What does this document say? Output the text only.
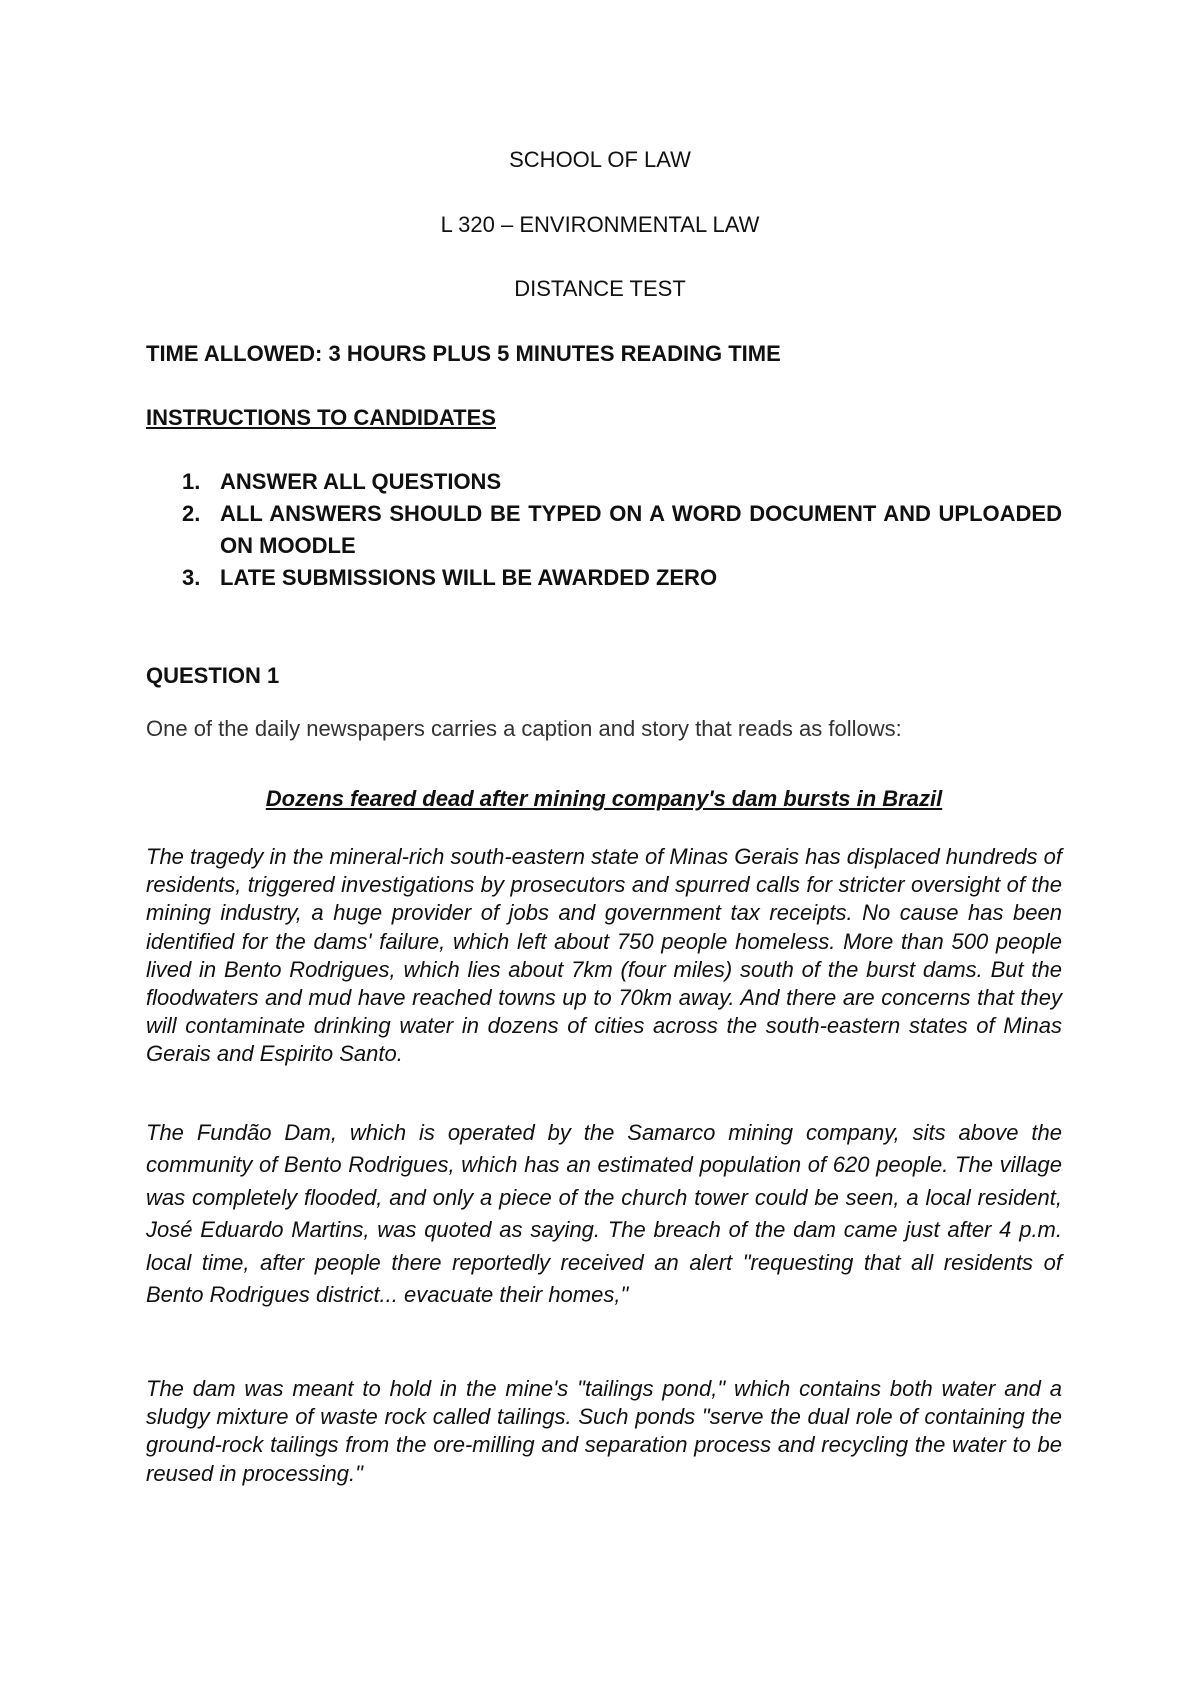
SCHOOL OF LAW
L 320 – ENVIRONMENTAL LAW
DISTANCE TEST
TIME ALLOWED: 3 HOURS PLUS 5 MINUTES READING TIME
INSTRUCTIONS TO CANDIDATES
1. ANSWER ALL QUESTIONS
2. ALL ANSWERS SHOULD BE TYPED ON A WORD DOCUMENT AND UPLOADED ON MOODLE
3. LATE SUBMISSIONS WILL BE AWARDED ZERO
QUESTION 1
One of the daily newspapers carries a caption and story that reads as follows:
Dozens feared dead after mining company's dam bursts in Brazil

The tragedy in the mineral-rich south-eastern state of Minas Gerais has displaced hundreds of residents, triggered investigations by prosecutors and spurred calls for stricter oversight of the mining industry, a huge provider of jobs and government tax receipts. No cause has been identified for the dams' failure, which left about 750 people homeless. More than 500 people lived in Bento Rodrigues, which lies about 7km (four miles) south of the burst dams. But the floodwaters and mud have reached towns up to 70km away. And there are concerns that they will contaminate drinking water in dozens of cities across the south-eastern states of Minas Gerais and Espirito Santo.

The Fundão Dam, which is operated by the Samarco mining company, sits above the community of Bento Rodrigues, which has an estimated population of 620 people. The village was completely flooded, and only a piece of the church tower could be seen, a local resident, José Eduardo Martins, was quoted as saying. The breach of the dam came just after 4 p.m. local time, after people there reportedly received an alert "requesting that all residents of Bento Rodrigues district... evacuate their homes,"

The dam was meant to hold in the mine's "tailings pond," which contains both water and a sludgy mixture of waste rock called tailings. Such ponds "serve the dual role of containing the ground-rock tailings from the ore-milling and separation process and recycling the water to be reused in processing."
